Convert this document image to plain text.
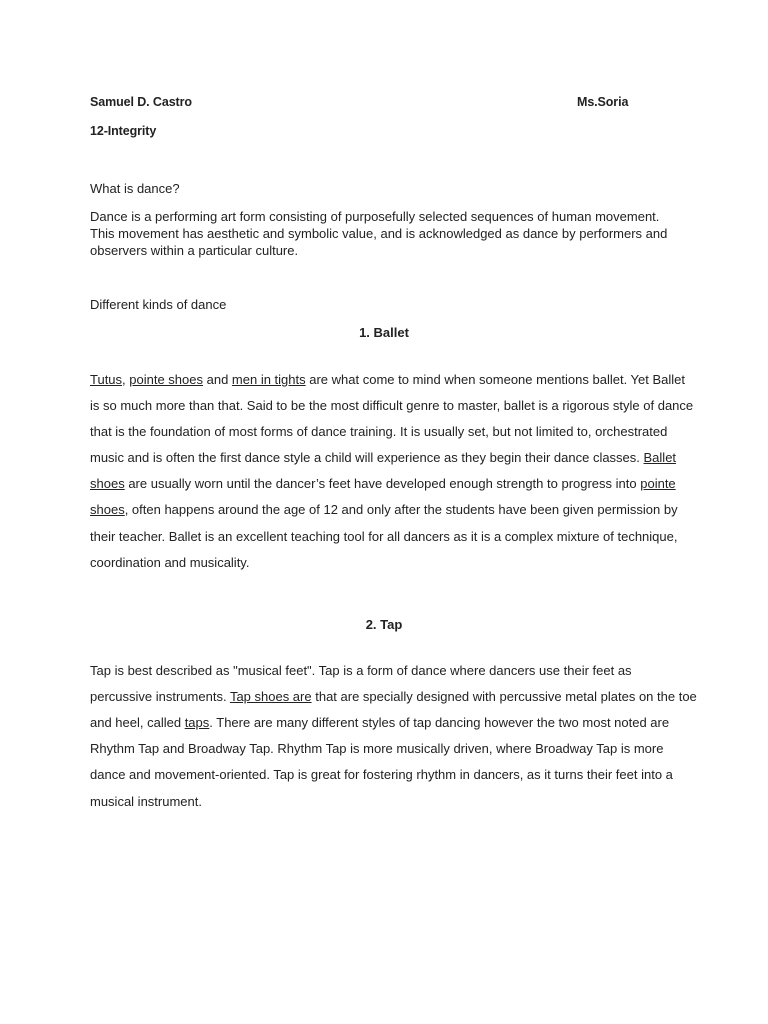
Samuel D. Castro	Ms.Soria
12-Integrity
What is dance?
Dance is a performing art form consisting of purposefully selected sequences of human movement.
This movement has aesthetic and symbolic value, and is acknowledged as dance by performers and
observers within a particular culture.
Different kinds of dance
1. Ballet
Tutus, pointe shoes and men in tights are what come to mind when someone mentions ballet. Yet Ballet
is so much more than that. Said to be the most difficult genre to master, ballet is a rigorous style of dance
that is the foundation of most forms of dance training. It is usually set, but not limited to, orchestrated
music and is often the first dance style a child will experience as they begin their dance classes. Ballet
shoes are usually worn until the dancer’s feet have developed enough strength to progress into pointe
shoes, often happens around the age of 12 and only after the students have been given permission by
their teacher. Ballet is an excellent teaching tool for all dancers as it is a complex mixture of technique,
coordination and musicality.
2. Tap
Tap is best described as "musical feet". Tap is a form of dance where dancers use their feet as
percussive instruments. Tap shoes are that are specially designed with percussive metal plates on the toe
and heel, called taps. There are many different styles of tap dancing however the two most noted are
Rhythm Tap and Broadway Tap. Rhythm Tap is more musically driven, where Broadway Tap is more
dance and movement-oriented. Tap is great for fostering rhythm in dancers, as it turns their feet into a
musical instrument.
